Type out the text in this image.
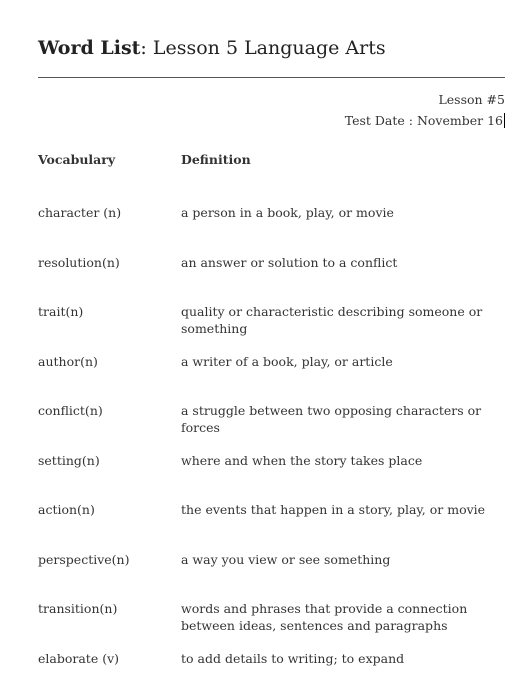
Word List: Lesson 5 Language Arts
Lesson #5
Test Date : November 16
Vocabulary	Definition
character (n)	a person in a book, play, or movie
resolution(n)	an answer or solution to a conflict
trait(n)	quality or characteristic describing someone or something
author(n)	a writer of a book, play, or article
conflict(n)	a struggle between two opposing characters or forces
setting(n)	where and when the story takes place
action(n)	the events that happen in a story, play, or movie
perspective(n)	a way you view or see something
transition(n)	words and phrases that provide a connection between ideas, sentences and paragraphs
elaborate (v)	to add details to writing; to expand
